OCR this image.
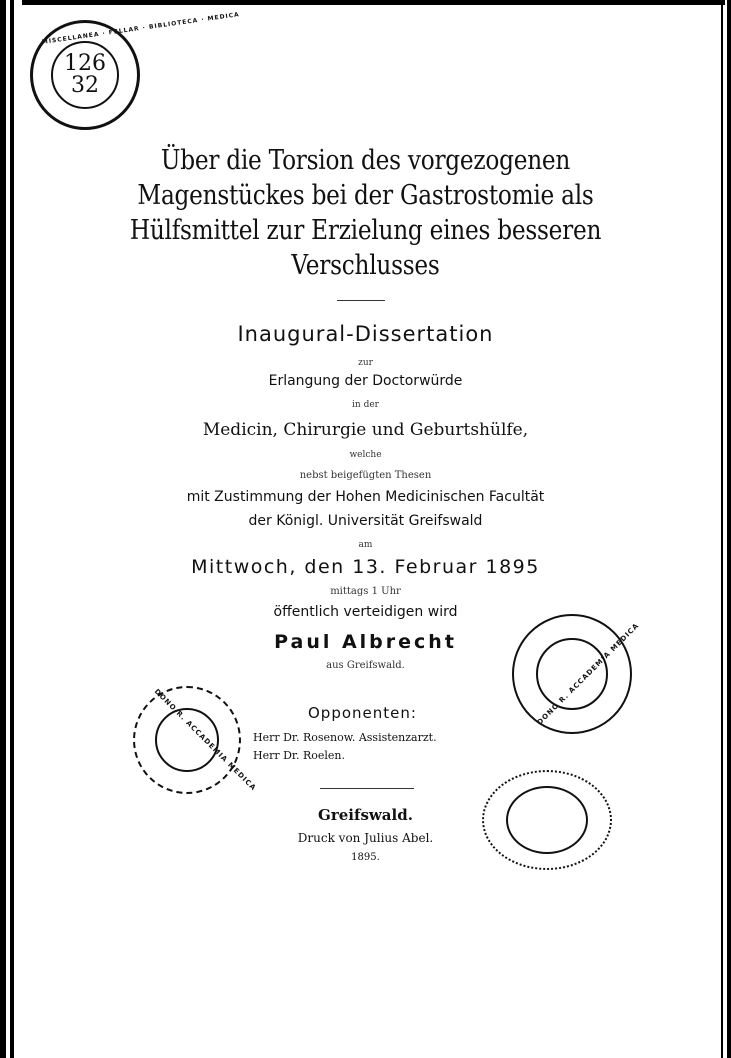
126
32
MISCELLANEA · FELLAR · BIBLIOTECA · MEDICA
Über die Torsion des vorgezogenen
Magenstückes bei der Gastrostomie als
Hülfsmittel zur Erzielung eines besseren
Verschlusses
Inaugural-Dissertation
zur
Erlangung der Doctorwürde
in der
Medicin, Chirurgie und Geburtshülfe,
welche
nebst beigefügten Thesen
mit Zustimmung der Hohen Medicinischen Facultät
der Königl. Universität Greifswald
am
Mittwoch, den 13. Februar 1895
mittags 1 Uhr
öffentlich verteidigen wird
Paul Albrecht
aus Greifswald.	DONO R. ACCADEMIA MEDICA
DONO R. ACCADEMIA MEDICA	Opponenten:
Herr Dr. Rosenow. Assistenzarzt.
Herr Dr. Roelen.
Greifswald.
Druck von Julius Abel.
1895.
